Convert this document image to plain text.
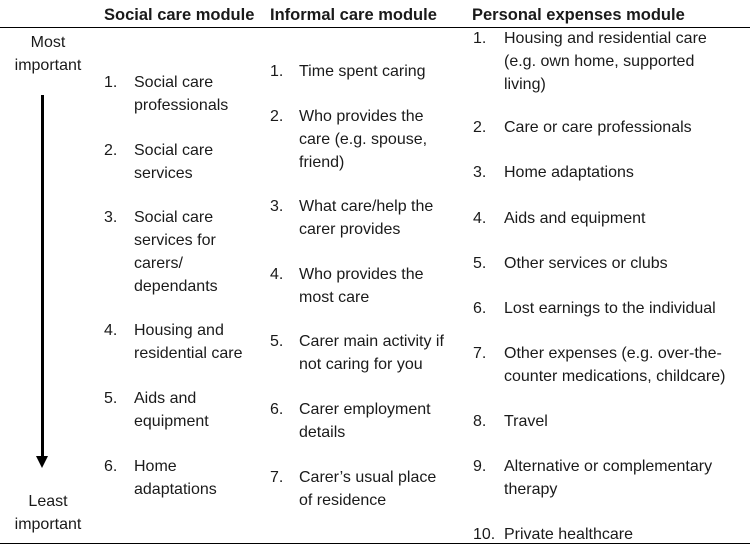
Social care module Informal care module Personal expenses module
Most
important
Least
important
1. Social care
professionals
2. Social care
services
3. Social care
services for
carers/
dependants
4. Housing and
residential care
5. Aids and
equipment
6. Home
adaptations
1. Time spent caring
2. Who provides the
care (e.g. spouse,
friend)
3. What care/help the
carer provides
4. Who provides the
most care
5. Carer main activity if
not caring for you
6. Carer employment
details
7. Carer’s usual place
of residence
1. Housing and residential care
(e.g. own home, supported
living)
2. Care or care professionals
3. Home adaptations
4. Aids and equipment
5. Other services or clubs
6. Lost earnings to the individual
7. Other expenses (e.g. over-the-
counter medications, childcare)
8. Travel
9. Alternative or complementary
therapy
10. Private healthcare
